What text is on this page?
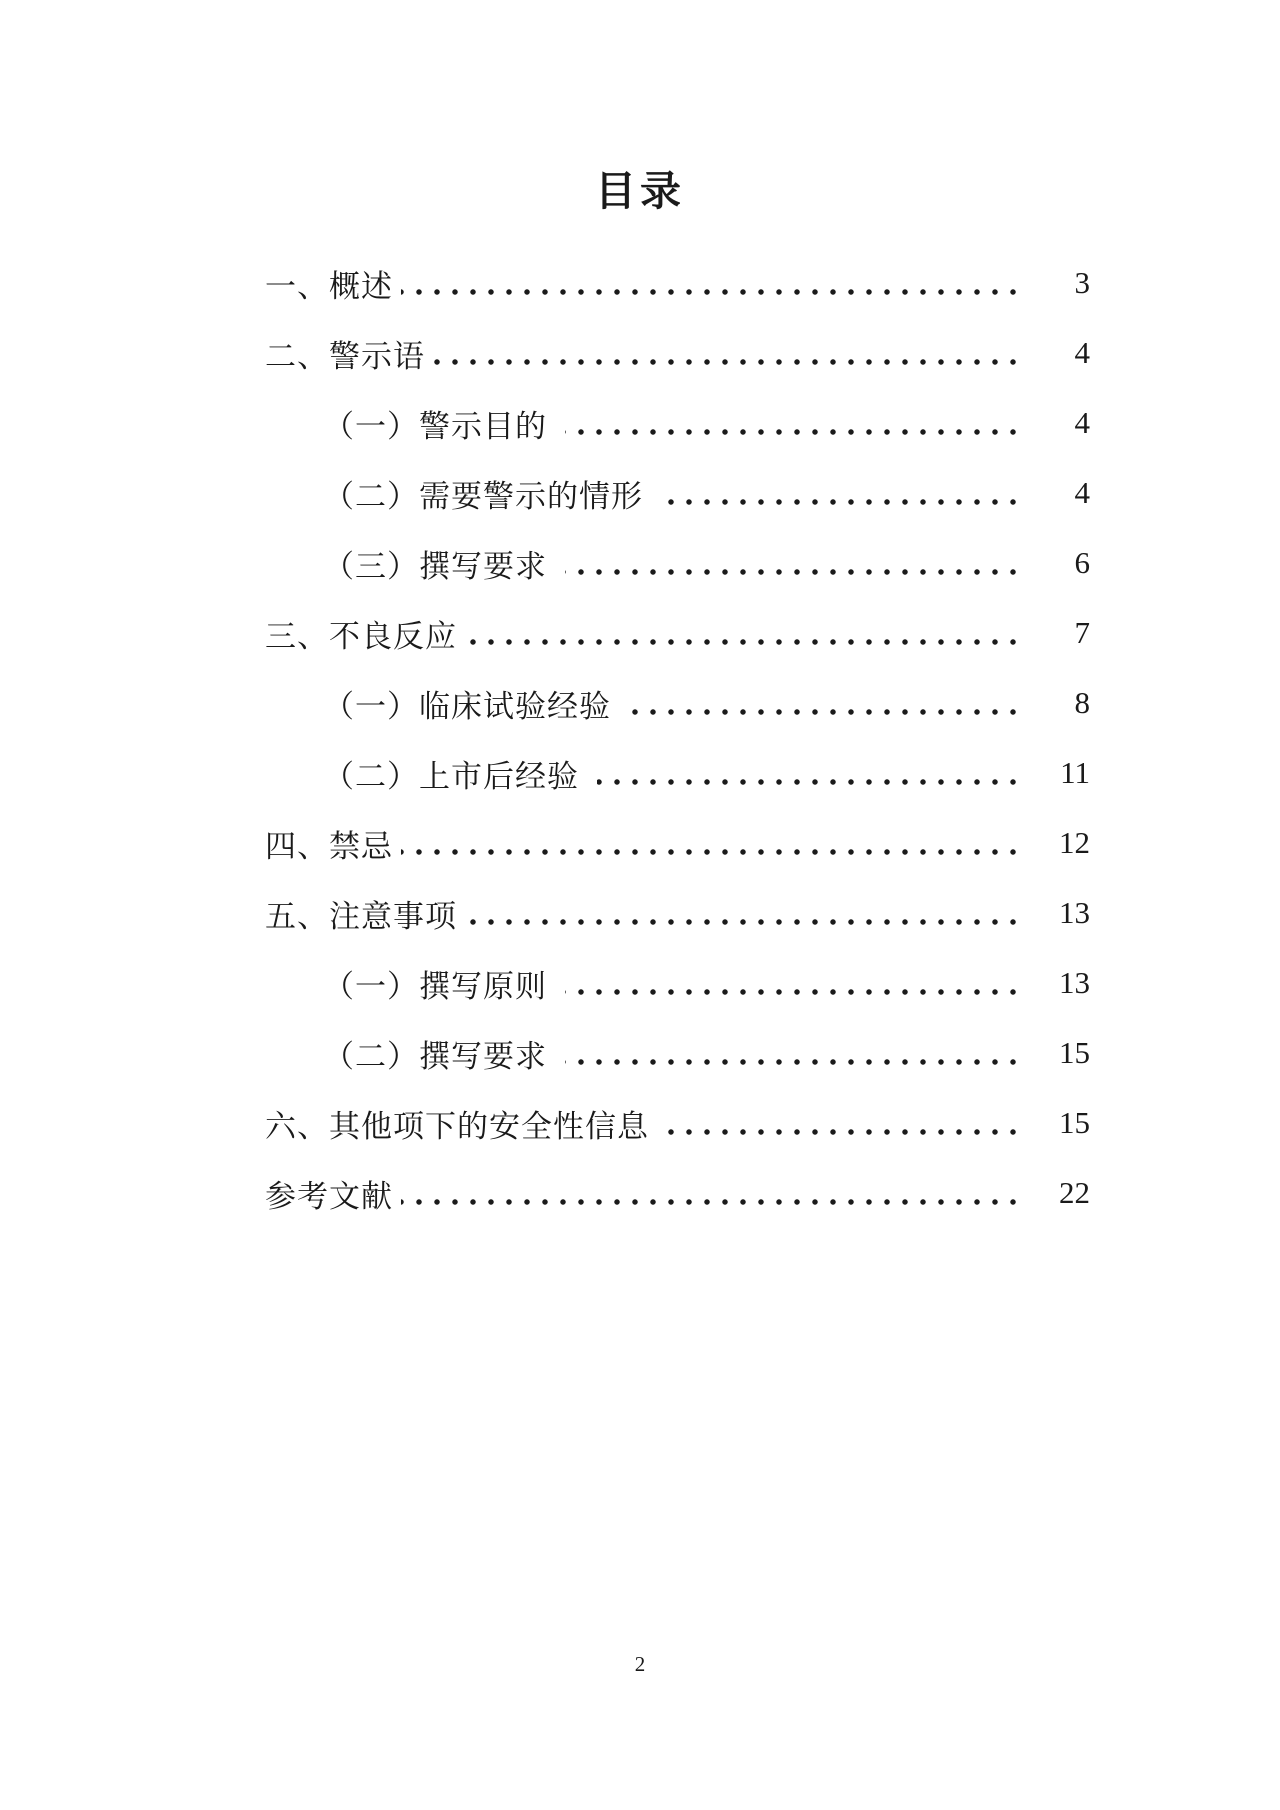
目录
一、概述	3
二、警示语	4
（一）警示目的	4
（二）需要警示的情形	4
（三）撰写要求	6
三、不良反应	7
（一）临床试验经验	8
（二）上市后经验	11
四、禁忌	12
五、注意事项	13
（一）撰写原则	13
（二）撰写要求	15
六、其他项下的安全性信息	15
参考文献	22
2
